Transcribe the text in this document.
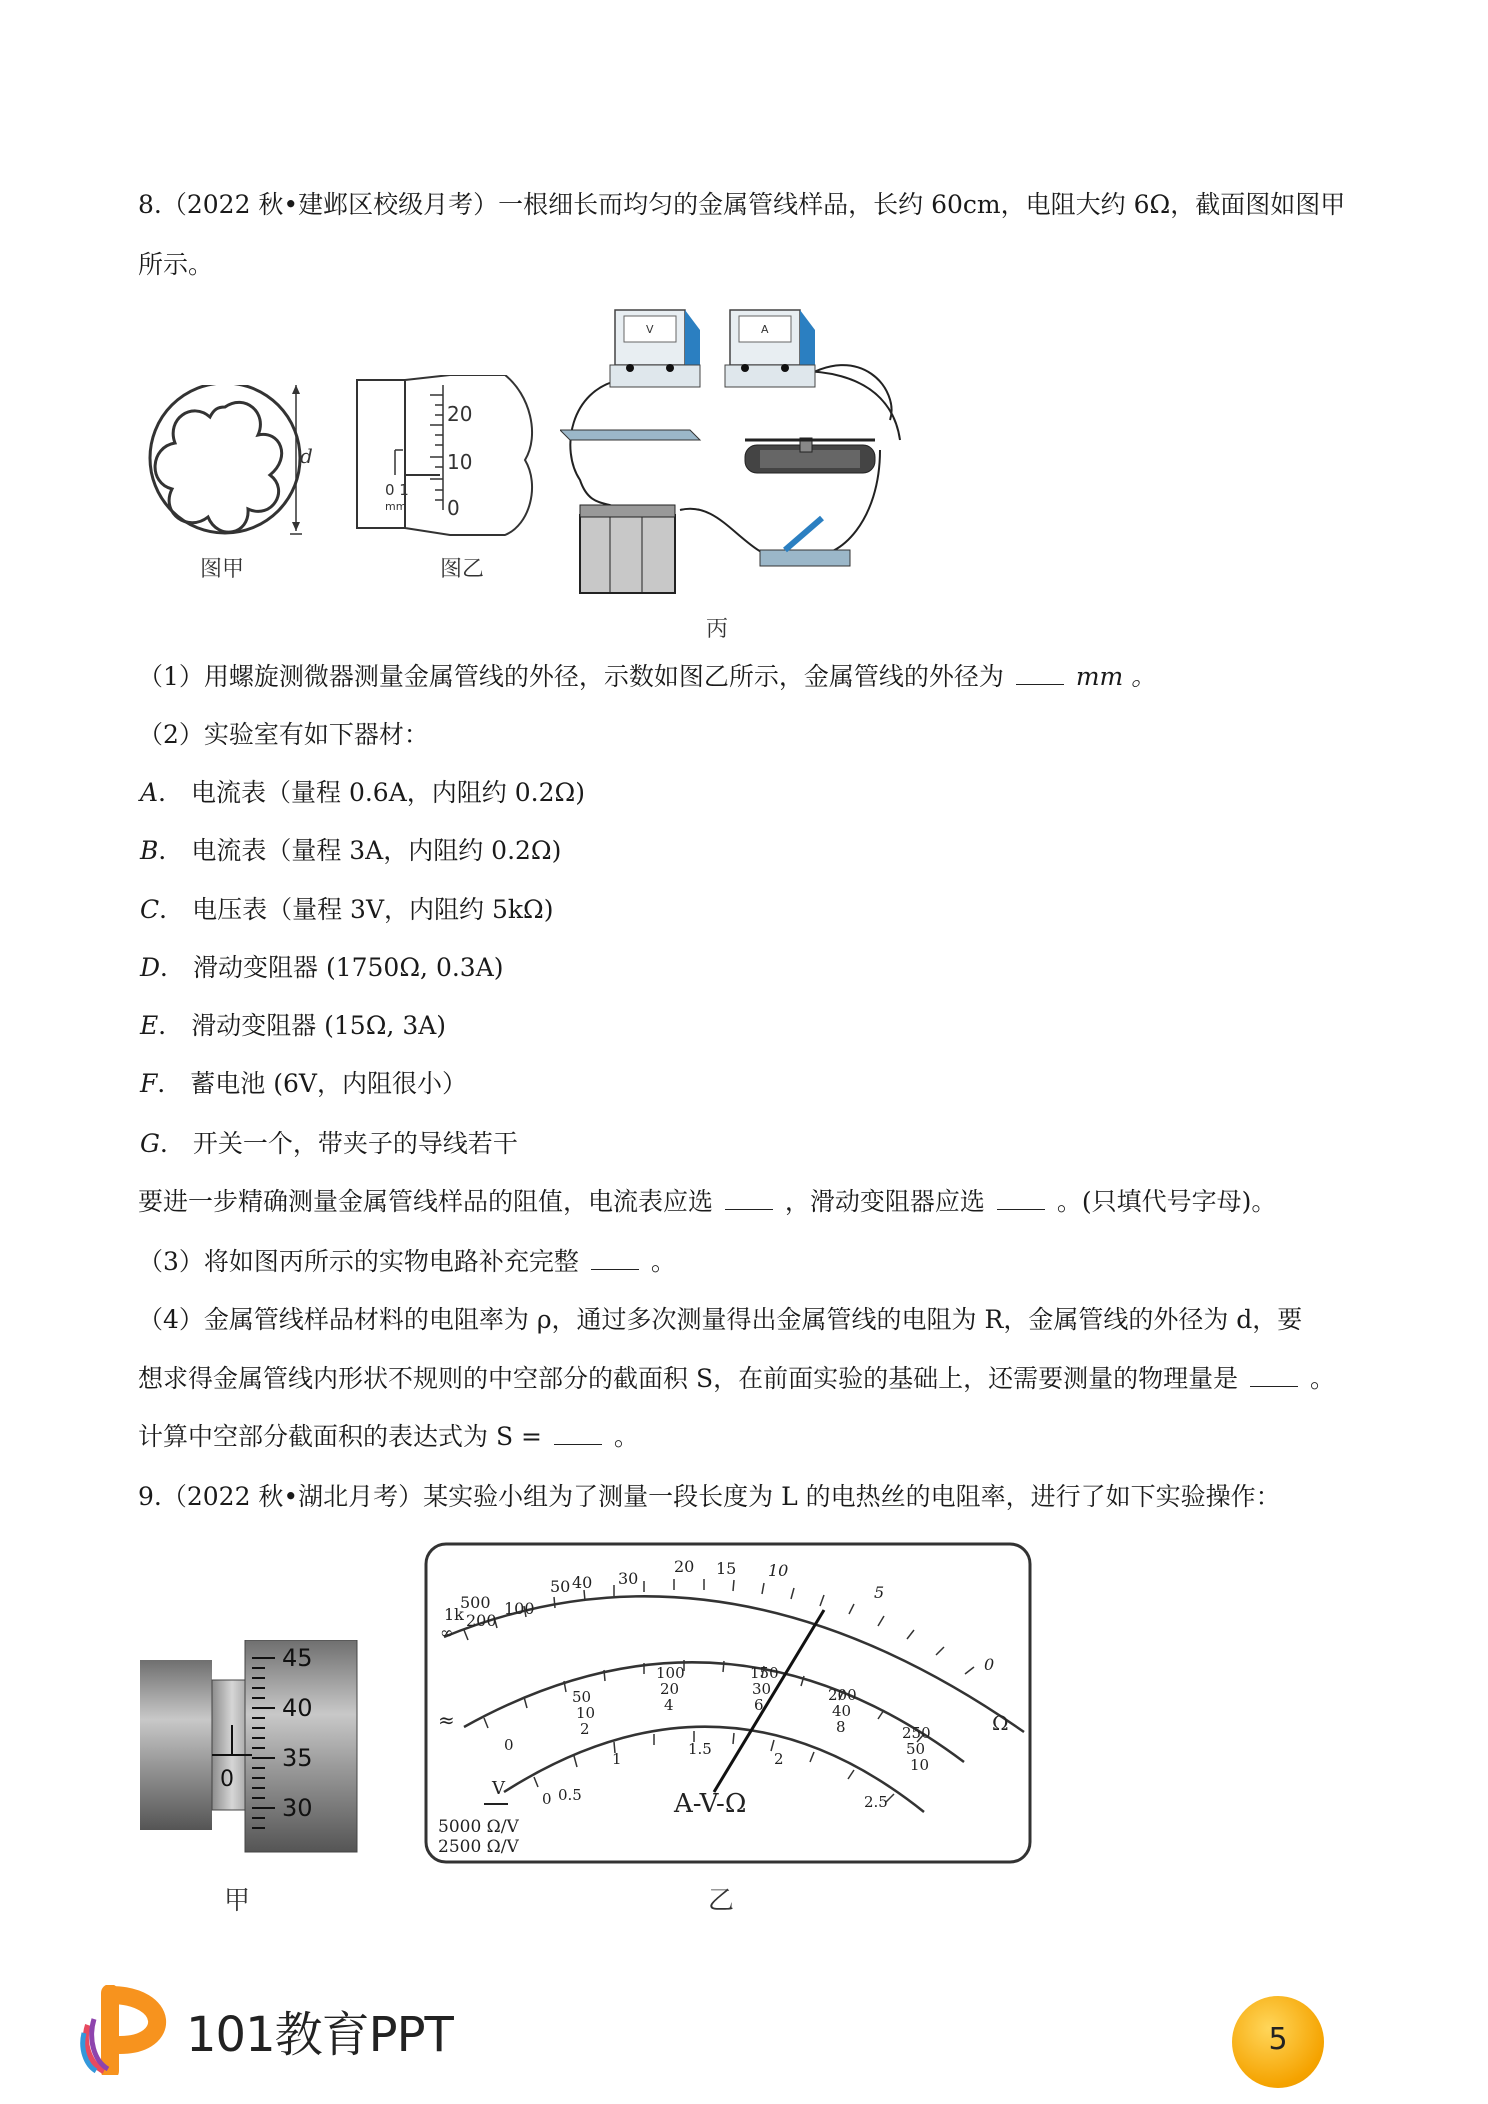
8.（2022 秋•建邺区校级月考）一根细长而均匀的金属管线样品，长约 60cm，电阻大约 6Ω，截面图如图甲
所示。
d
图甲
20
10
0
0 1
mm
图乙
V	A
丙
（1）用螺旋测微器测量金属管线的外径，示数如图乙所示，金属管线的外径为	mm 。
（2）实验室有如下器材：
A． 电流表（量程 0.6A，内阻约 0.2Ω)
B． 电流表（量程 3A，内阻约 0.2Ω)
C． 电压表（量程 3V，内阻约 5kΩ)
D． 滑动变阻器 (1750Ω, 0.3A)
E． 滑动变阻器 (15Ω, 3A)
F． 蓄电池 (6V，内阻很小）
G． 开关一个，带夹子的导线若干
要进一步精确测量金属管线样品的阻值，电流表应选	，滑动变阻器应选	。(只填代号字母)。
（3）将如图丙所示的实物电路补充完整	。
（4）金属管线样品材料的电阻率为 ρ，通过多次测量得出金属管线的电阻为 R，金属管线的外径为 d，要
想求得金属管线内形状不规则的中空部分的截面积 S，在前面实验的基础上，还需要测量的物理量是	。
计算中空部分截面积的表达式为 S =	。
9.（2022 秋•湖北月考）某实验小组为了测量一段长度为 L 的电热丝的电阻率，进行了如下实验操作：
45
40
35
30
0
甲
1k
500
200
100
50 40 30
20 15 10
5
0
∞
50
100	150
200
250
10
20	30
40
50
0
2
4	6
8
10
0 0.5
1
1.5
2
2.5
Ω
≈
V
A-V-Ω
5000 Ω/V
2500 Ω/V
乙
101教育PPT	5
